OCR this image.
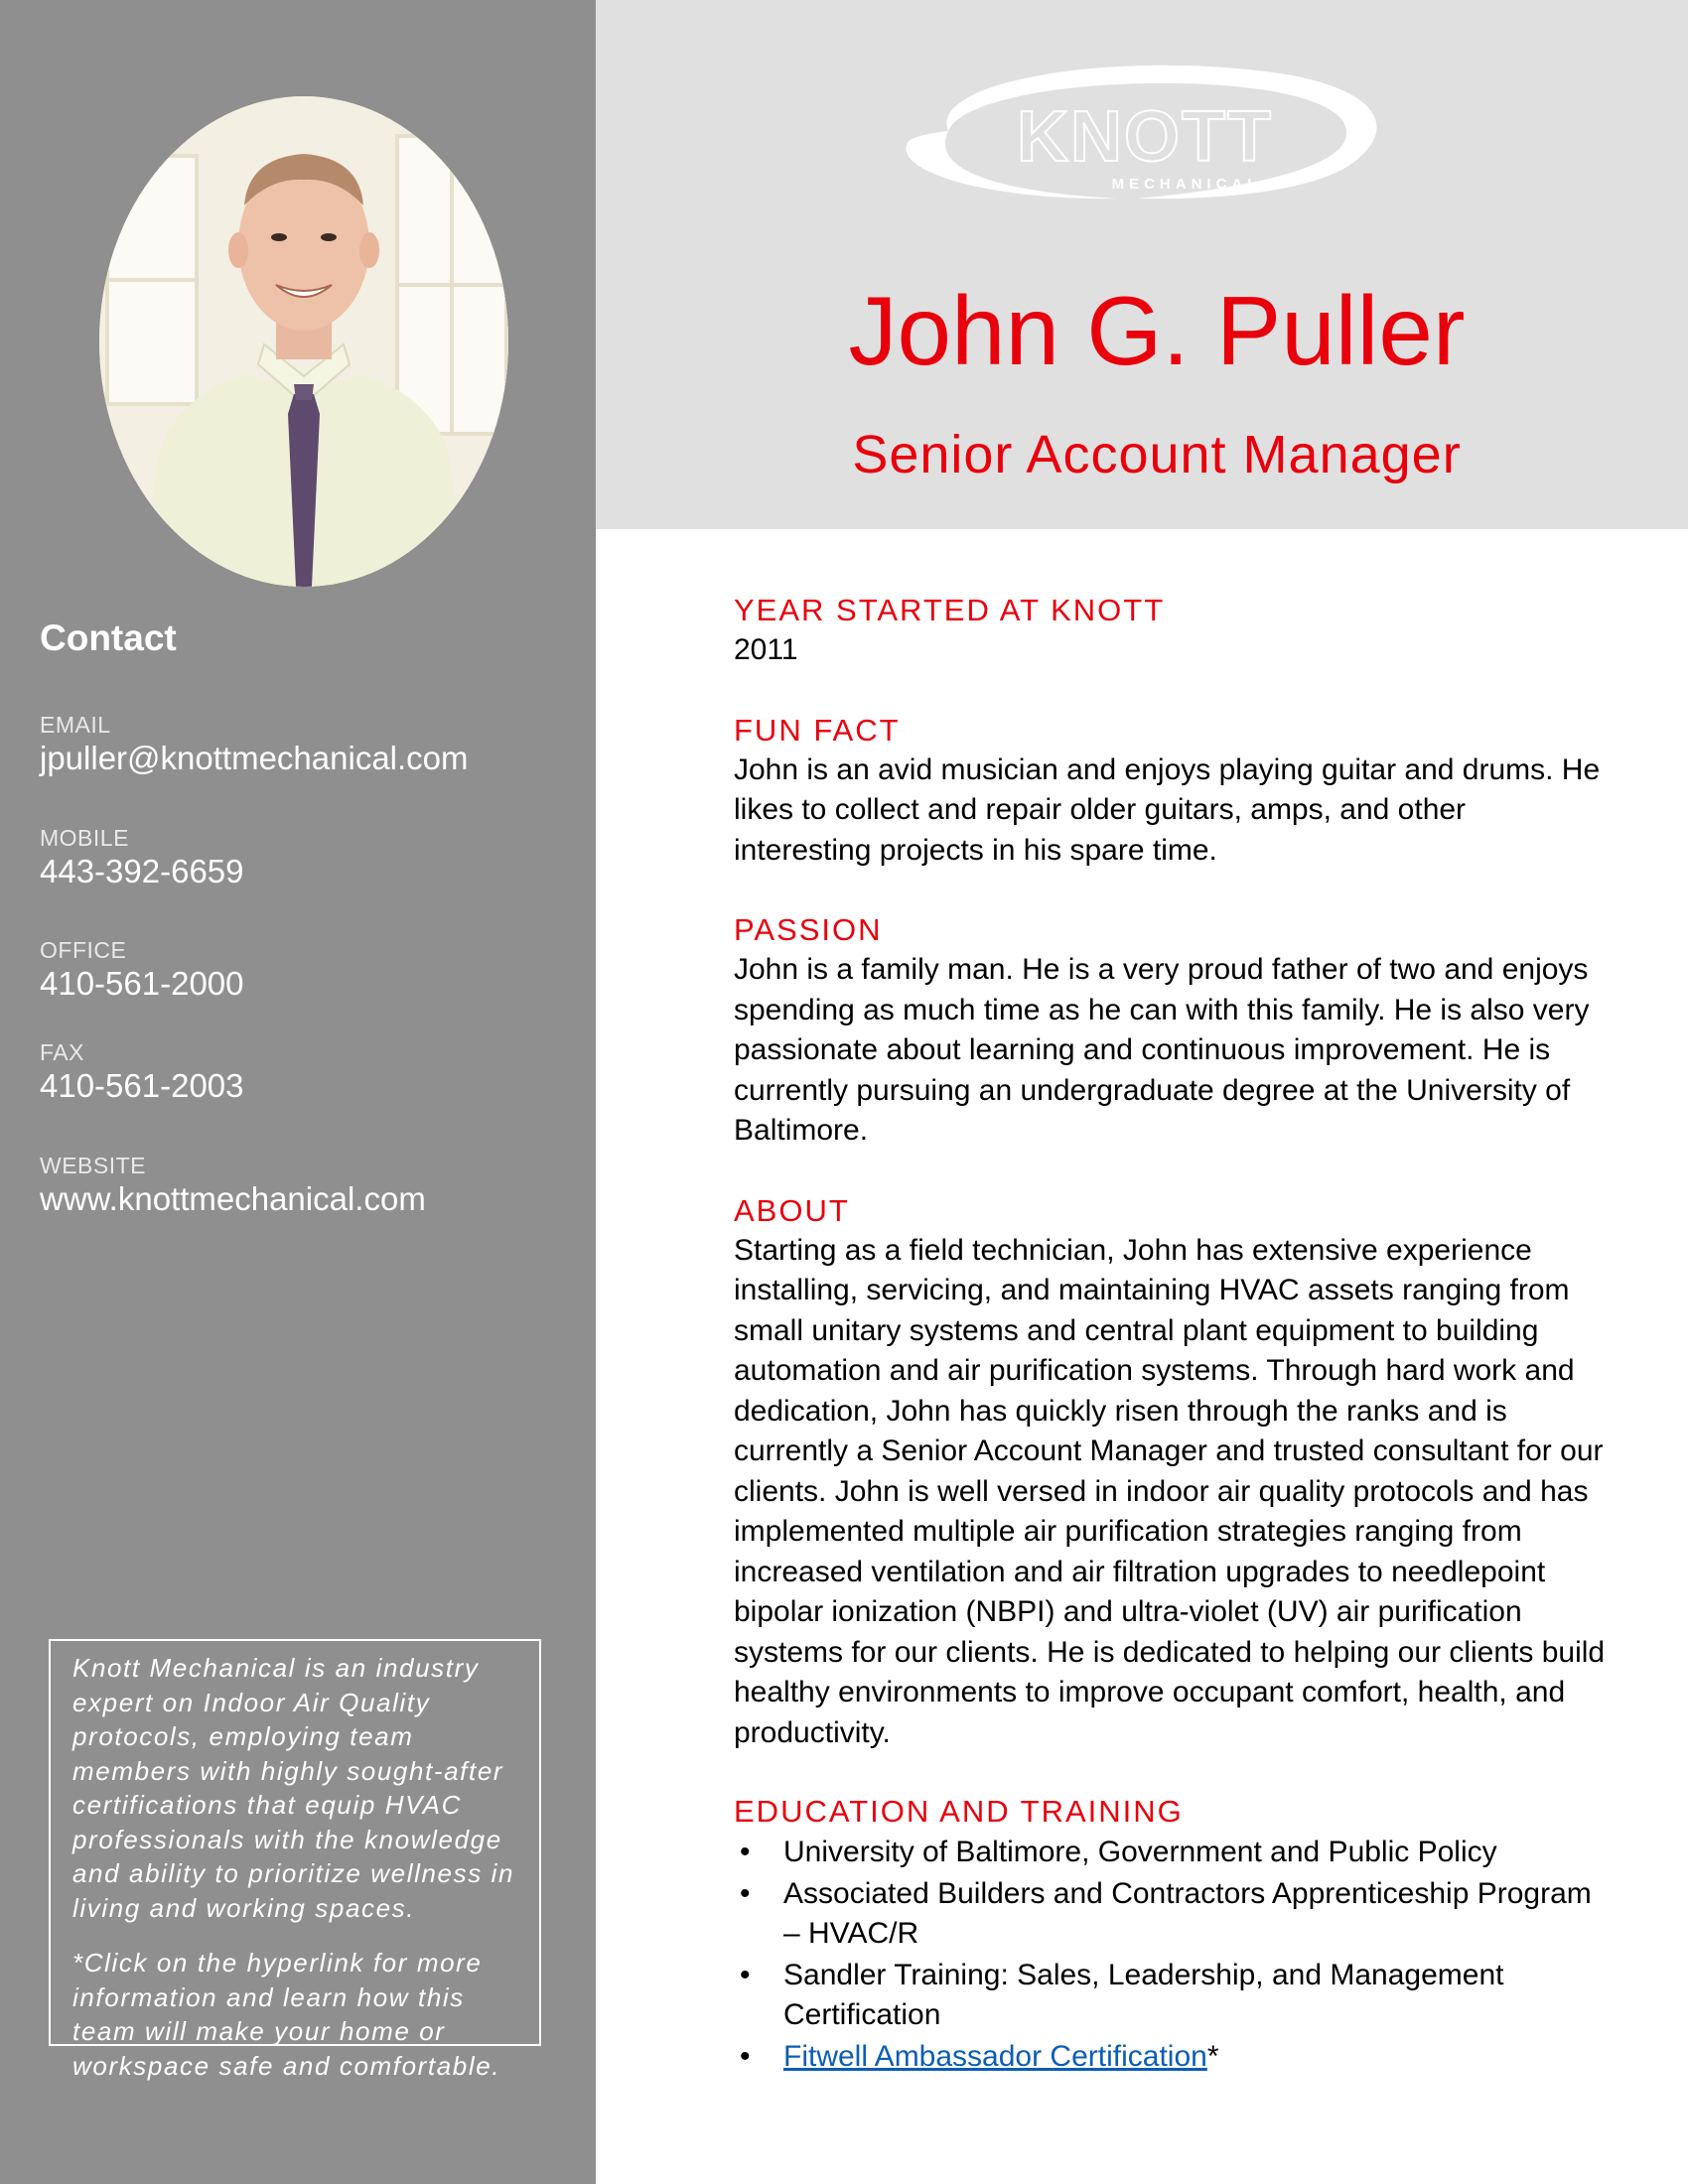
KNOTT
MECHANICAL
John G. Puller
Senior Account Manager
Contact
EMAIL
jpuller@knottmechanical.com
MOBILE
443-392-6659
OFFICE
410-561-2000
FAX
410-561-2003
WEBSITE
www.knottmechanical.com

Knott Mechanical is an industry expert on Indoor Air Quality protocols, employing team members with highly sought-after certifications that equip HVAC professionals with the knowledge and ability to prioritize wellness in living and working spaces.

*Click on the hyperlink for more information and learn how this team will make your home or workspace safe and comfortable.

YEAR STARTED AT KNOTT
2011
FUN FACT
John is an avid musician and enjoys playing guitar and drums. He likes to collect and repair older guitars, amps, and other interesting projects in his spare time.
PASSION
John is a family man. He is a very proud father of two and enjoys spending as much time as he can with this family. He is also very passionate about learning and continuous improvement. He is currently pursuing an undergraduate degree at the University of Baltimore.
ABOUT
Starting as a field technician, John has extensive experience installing, servicing, and maintaining HVAC assets ranging from small unitary systems and central plant equipment to building automation and air purification systems. Through hard work and dedication, John has quickly risen through the ranks and is currently a Senior Account Manager and trusted consultant for our clients. John is well versed in indoor air quality protocols and has implemented multiple air purification strategies ranging from increased ventilation and air filtration upgrades to needlepoint bipolar ionization (NBPI) and ultra-violet (UV) air purification systems for our clients. He is dedicated to helping our clients build healthy environments to improve occupant comfort, health, and productivity.
EDUCATION AND TRAINING
• University of Baltimore, Government and Public Policy
• Associated Builders and Contractors Apprenticeship Program – HVAC/R
• Sandler Training: Sales, Leadership, and Management Certification
• Fitwell Ambassador Certification*
